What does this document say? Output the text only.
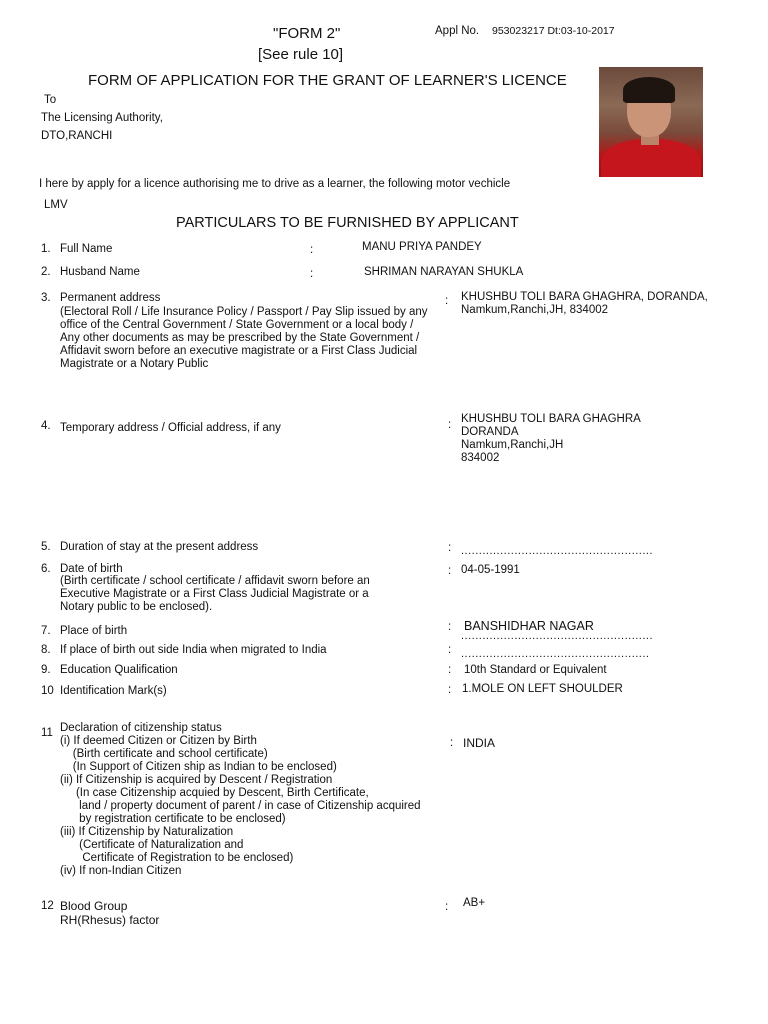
"FORM 2"	Appl No. 953023217 Dt:03-10-2017
[See rule 10]
FORM OF APPLICATION FOR THE GRANT OF LEARNER'S LICENCE
To
The Licensing Authority,
DTO,RANCHI
I here by apply for a licence authorising me to drive as a learner, the following motor vechicle
LMV
PARTICULARS TO BE FURNISHED BY APPLICANT
1. Full Name	:	MANU PRIYA PANDEY
2. Husband Name	:	SHRIMAN NARAYAN SHUKLA
3. Permanent address
(Electoral Roll / Life Insurance Policy / Passport / Pay Slip issued by any
office of the Central Government / State Government or a local body /
Any other documents as may be prescribed by the State Government /
Affidavit sworn before an executive magistrate or a First Class Judicial
Magistrate or a Notary Public
: KHUSHBU TOLI BARA GHAGHRA, DORANDA,
Namkum,Ranchi,JH, 834002
4. Temporary address / Official address, if any	: KHUSHBU TOLI BARA GHAGHRA
DORANDA
Namkum,Ranchi,JH
834002
5. Duration of stay at the present address	: ......................................................
6. Date of birth
(Birth certificate / school certificate / affidavit sworn before an
Executive Magistrate or a First Class Judicial Magistrate or a
Notary public to be enclosed).
: 04-05-1991
7. Place of birth	: BANSHIDHAR NAGAR
......................................................
8. If place of birth out side India when migrated to India	: .....................................................
9. Education Qualification	: 10th Standard or Equivalent
10 Identification Mark(s)	: 1.MOLE ON LEFT SHOULDER
11 Declaration of citizenship status
(i) If deemed Citizen or Citizen by Birth
(Birth certificate and school certificate)
(In Support of Citizen ship as Indian to be enclosed)
(ii) If Citizenship is acquired by Descent / Registration
(In case Citizenship acquied by Descent, Birth Certificate,
land / property document of parent / in case of Citizenship acquired
by registration certificate to be enclosed)
(iii) If Citizenship by Naturalization
(Certificate of Naturalization and
Certificate of Registration to be enclosed)
(iv) If non-Indian Citizen
: INDIA
12 Blood Group
RH(Rhesus) factor
: AB+
